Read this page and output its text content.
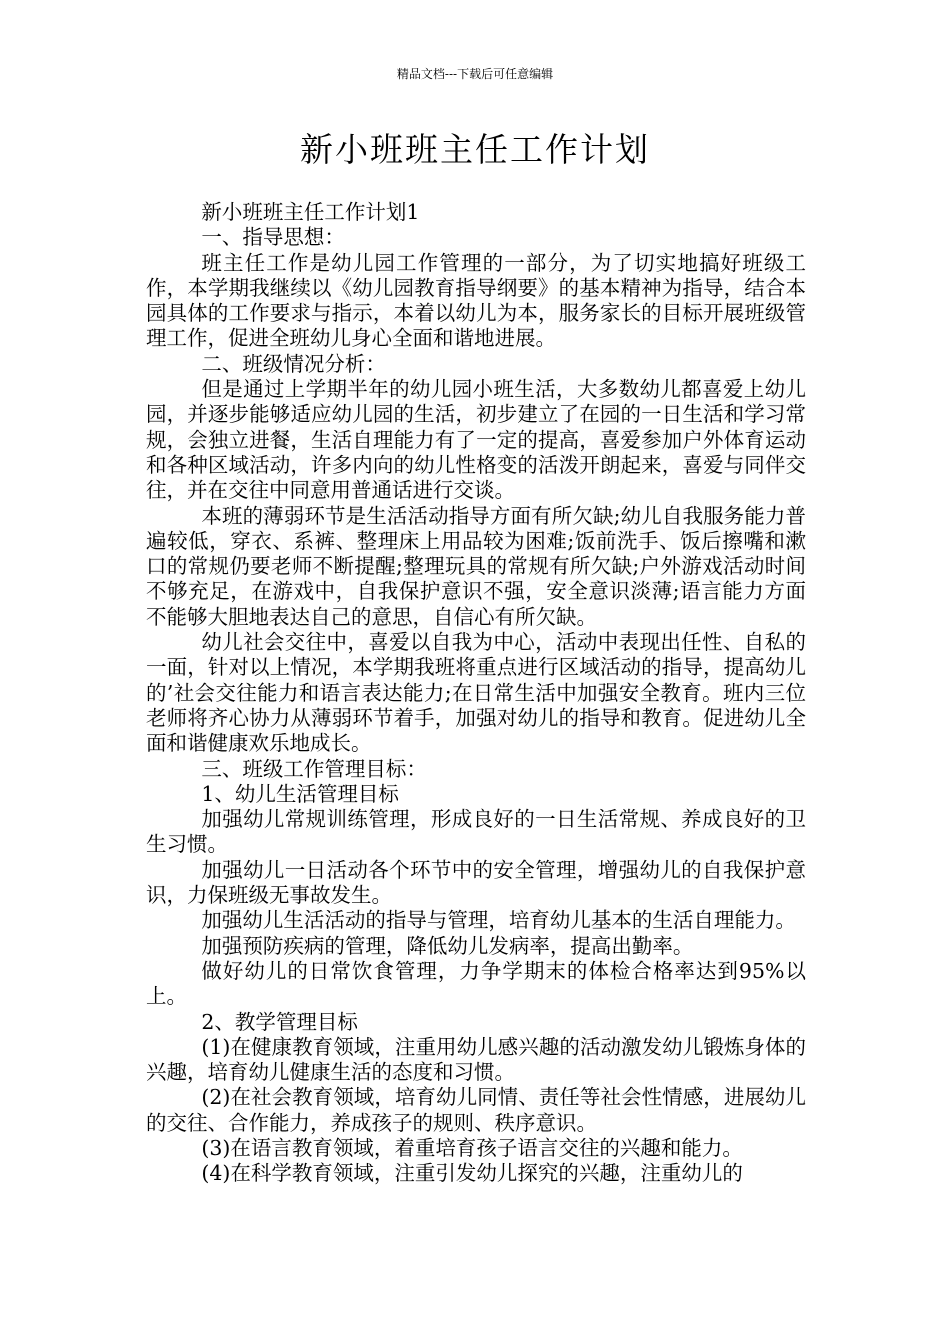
精品文档---下载后可任意编辑
新小班班主任工作计划

新小班班主任工作计划1

一、指导思想：

班主任工作是幼儿园工作管理的一部分，为了切实地搞好班级工作，本学期我继续以《幼儿园教育指导纲要》的基本精神为指导，结合本园具体的工作要求与指示，本着以幼儿为本，服务家长的目标开展班级管理工作，促进全班幼儿身心全面和谐地进展。

二、班级情况分析：

但是通过上学期半年的幼儿园小班生活，大多数幼儿都喜爱上幼儿园，并逐步能够适应幼儿园的生活，初步建立了在园的一日生活和学习常规，会独立进餐，生活自理能力有了一定的提高，喜爱参加户外体育运动和各种区域活动，许多内向的幼儿性格变的活泼开朗起来，喜爱与同伴交往，并在交往中同意用普通话进行交谈。

本班的薄弱环节是生活活动指导方面有所欠缺;幼儿自我服务能力普遍较低，穿衣、系裤、整理床上用品较为困难;饭前洗手、饭后擦嘴和漱口的常规仍要老师不断提醒;整理玩具的常规有所欠缺;户外游戏活动时间不够充足，在游戏中，自我保护意识不强，安全意识淡薄;语言能力方面不能够大胆地表达自己的意思，自信心有所欠缺。

幼儿社会交往中，喜爱以自我为中心，活动中表现出任性、自私的一面，针对以上情况，本学期我班将重点进行区域活动的指导，提高幼儿的’社会交往能力和语言表达能力;在日常生活中加强安全教育。班内三位老师将齐心协力从薄弱环节着手，加强对幼儿的指导和教育。促进幼儿全面和谐健康欢乐地成长。

三、班级工作管理目标：

1、幼儿生活管理目标

加强幼儿常规训练管理，形成良好的一日生活常规、养成良好的卫生习惯。

加强幼儿一日活动各个环节中的安全管理，增强幼儿的自我保护意识，力保班级无事故发生。

加强幼儿生活活动的指导与管理，培育幼儿基本的生活自理能力。

加强预防疾病的管理，降低幼儿发病率，提高出勤率。

做好幼儿的日常饮食管理，力争学期末的体检合格率达到95%以上。

2、教学管理目标

(1)在健康教育领域，注重用幼儿感兴趣的活动激发幼儿锻炼身体的兴趣，培育幼儿健康生活的态度和习惯。

(2)在社会教育领域，培育幼儿同情、责任等社会性情感，进展幼儿的交往、合作能力，养成孩子的规则、秩序意识。

(3)在语言教育领域，着重培育孩子语言交往的兴趣和能力。

(4)在科学教育领域，注重引发幼儿探究的兴趣，注重幼儿的
